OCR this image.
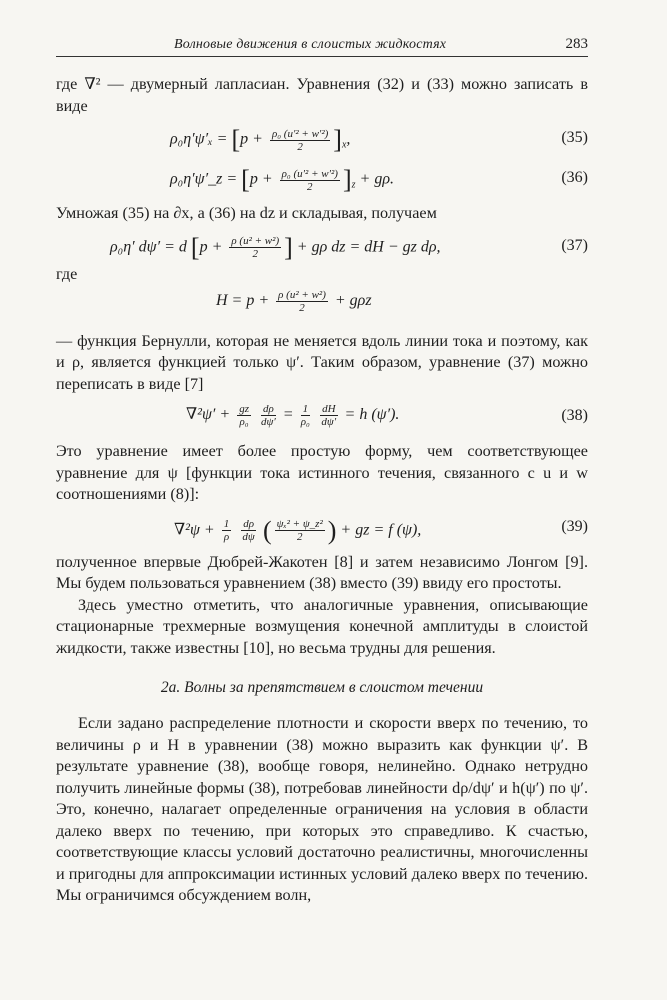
Волновые движения в слоистых жидкостях	283

где ∇² — двумерный лапласиан. Уравнения (32) и (33) можно записать в виде

$\rho_0\eta'\psi'_x = [p + \frac{\text{ρ₀ (u′² + w′²)}}{2} ]_x$,	(35)
ρ₀η′ψ′_z = $[p + \frac{\text{ρ₀ (u′² + w′²)}}{2} ]_z + g\rho$.	(36)

Умножая (35) на ∂x, а (36) на dz и складывая, получаем

ρ₀η′ dψ′ = d [$p + \frac{\text{ρ (u² + w²)}}{2}$ ] + gρ dz = dH − gz dρ,	(37)
где
$H = p + \frac{\text{ρ (u² + w²)}}{2} + g\rho z$

— функция Бернулли, которая не меняется вдоль линии тока и поэтому, как и ρ, является функцией только ψ′. Таким образом, уравнение (37) можно переписать в виде [7]

$\nabla^2\psi' + \frac{gz}{\text{ρ₀}}$
$\frac{d\rho}{d\psi'} = \frac{1}{\text{ρ₀}}$
$\frac{dH}{d\psi'} = h$ (ψ′).	(38)

Это уравнение имеет более простую форму, чем соответствующее уравнение для ψ [функции тока истинного течения, связанного с u и w соотношениями (8)]:

$\nabla^2\psi + \frac{1}{\rho}$
$\frac{d\rho}{d\psi}$ ( $\frac{\text{ψₓ² + ψ\_z²}}{2}$ ) + gz = f (ψ),	(39)

полученное впервые Дюбрей-Жакотен [8] и затем независимо Лонгом [9]. Мы будем пользоваться уравнением (38) вместо (39) ввиду его простоты.

Здесь уместно отметить, что аналогичные уравнения, описывающие стационарные трехмерные возмущения конечной амплитуды в слоистой жидкости, также известны [10], но весьма трудны для решения.

2а. Волны за препятствием в слоистом течении

Если задано распределение плотности и скорости вверх по течению, то величины ρ и H в уравнении (38) можно выразить как функции ψ′. В результате уравнение (38), вообще говоря, нелинейно. Однако нетрудно получить линейные формы (38), потребовав линейности dρ/dψ′ и h(ψ′) по ψ′. Это, конечно, налагает определенные ограничения на условия в области далеко вверх по течению, при которых это справедливо. К счастью, соответствующие классы условий достаточно реалистичны, многочисленны и пригодны для аппроксимации истинных условий далеко вверх по течению. Мы ограничимся обсуждением волн,
